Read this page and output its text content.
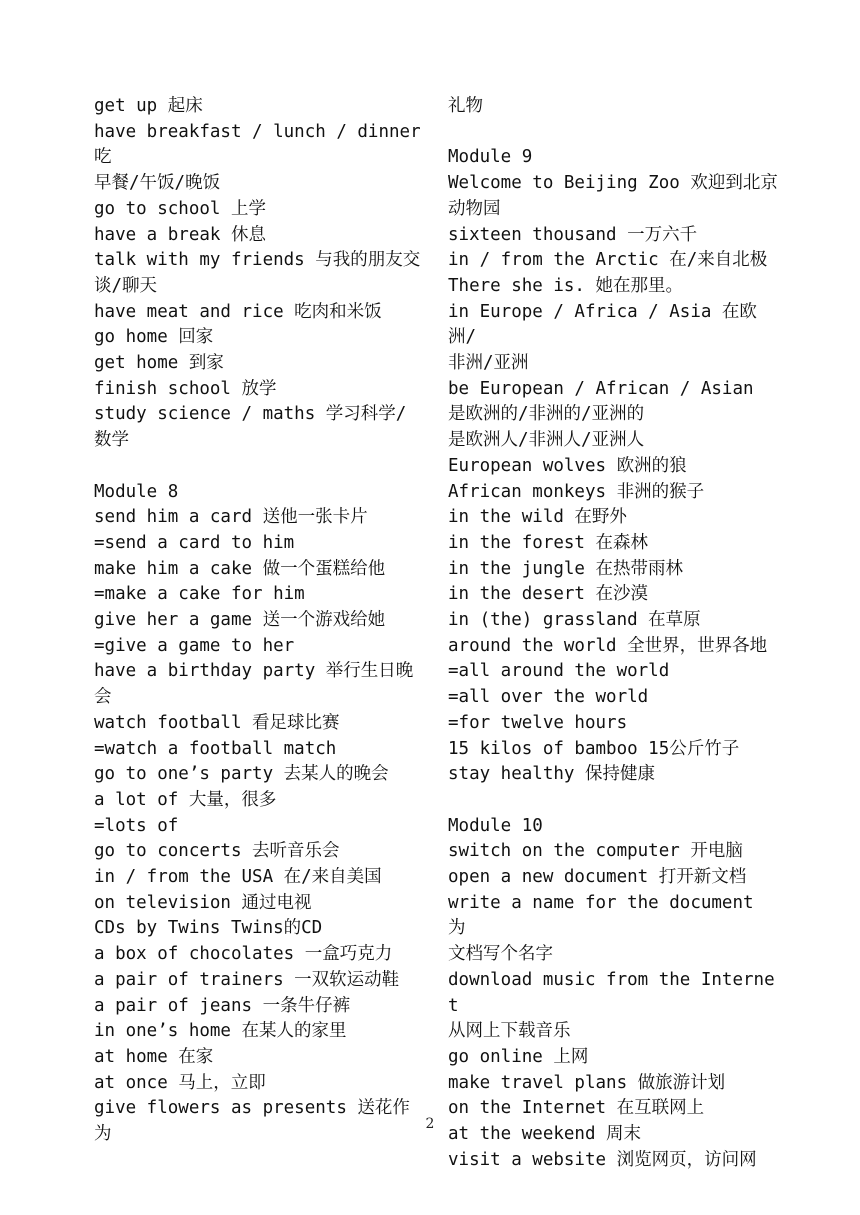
get up 起床
have breakfast / lunch / dinner 吃
早餐/午饭/晚饭
go to school 上学
have a break 休息
talk with my friends 与我的朋友交
谈/聊天
have meat and rice 吃肉和米饭
go home 回家
get home 到家
finish school 放学
study science / maths 学习科学/
数学
Module 8
send him a card 送他一张卡片
=send a card to him
make him a cake 做一个蛋糕给他
=make a cake for him
give her a game 送一个游戏给她
=give a game to her
have a birthday party 举行生日晚
会
watch football 看足球比赛
=watch a football match
go to one’s party 去某人的晚会
a lot of 大量，很多
=lots of
go to concerts 去听音乐会
in / from the USA 在/来自美国
on television 通过电视
CDs by Twins Twins的CD
a box of chocolates 一盒巧克力
a pair of trainers 一双软运动鞋
a pair of jeans 一条牛仔裤
in one’s home 在某人的家里
at home 在家
at once 马上，立即
give flowers as presents 送花作为
礼物
Module 9
Welcome to Beijing Zoo 欢迎到北京
动物园
sixteen thousand 一万六千
in / from the Arctic 在/来自北极
There she is. 她在那里。
in Europe / Africa / Asia 在欧洲/
非洲/亚洲
be European / African / Asian
是欧洲的/非洲的/亚洲的
是欧洲人/非洲人/亚洲人
European wolves 欧洲的狼
African monkeys 非洲的猴子
in the wild 在野外
in the forest 在森林
in the jungle 在热带雨林
in the desert 在沙漠
in (the) grassland 在草原
around the world 全世界，世界各地
=all around the world
=all over the world
=for twelve hours
15 kilos of bamboo 15公斤竹子
stay healthy 保持健康
Module 10
switch on the computer 开电脑
open a new document 打开新文档
write a name for the document 为
文档写个名字
download music from the Internet
从网上下载音乐
go online 上网
make travel plans 做旅游计划
on the Internet 在互联网上
at the weekend 周末
visit a website 浏览网页，访问网
2
